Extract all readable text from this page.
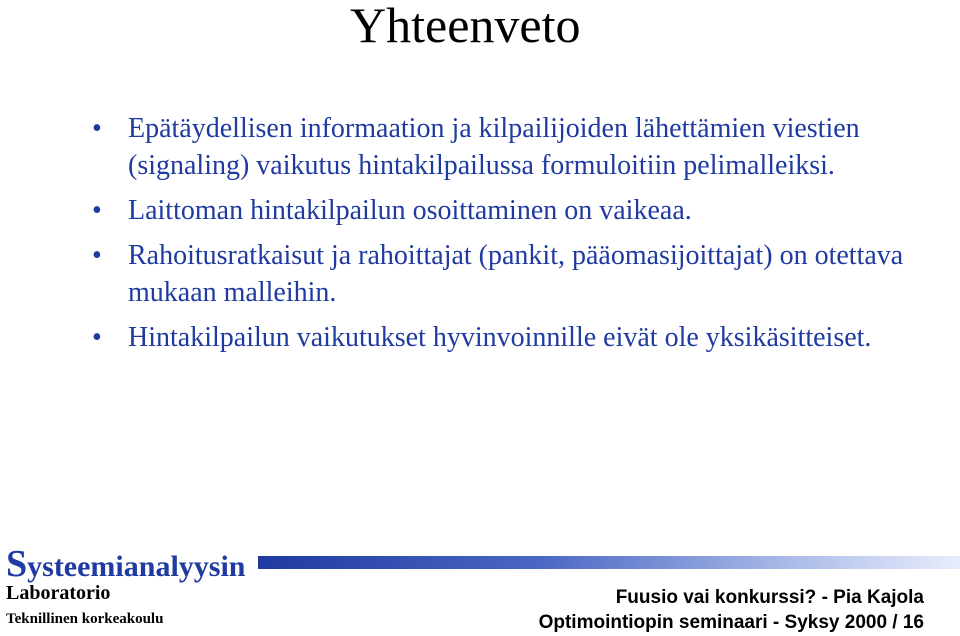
Yhteenveto
• Epätäydellisen informaation ja kilpailijoiden lähettämien viestien (signaling) vaikutus hintakilpailussa formuloitiin pelimalleiksi.
• Laittoman hintakilpailun osoittaminen on vaikeaa.
• Rahoitusratkaisut ja rahoittajat (pankit, pääomasijoittajat) on otettava mukaan malleihin.
• Hintakilpailun vaikutukset hyvinvoinnille eivät ole yksikäsitteiset.
Systeemianalyysin
Laboratorio
Teknillinen korkeakoulu
Fuusio vai konkurssi? - Pia Kajola
Optimointiopin seminaari - Syksy 2000 / 16
